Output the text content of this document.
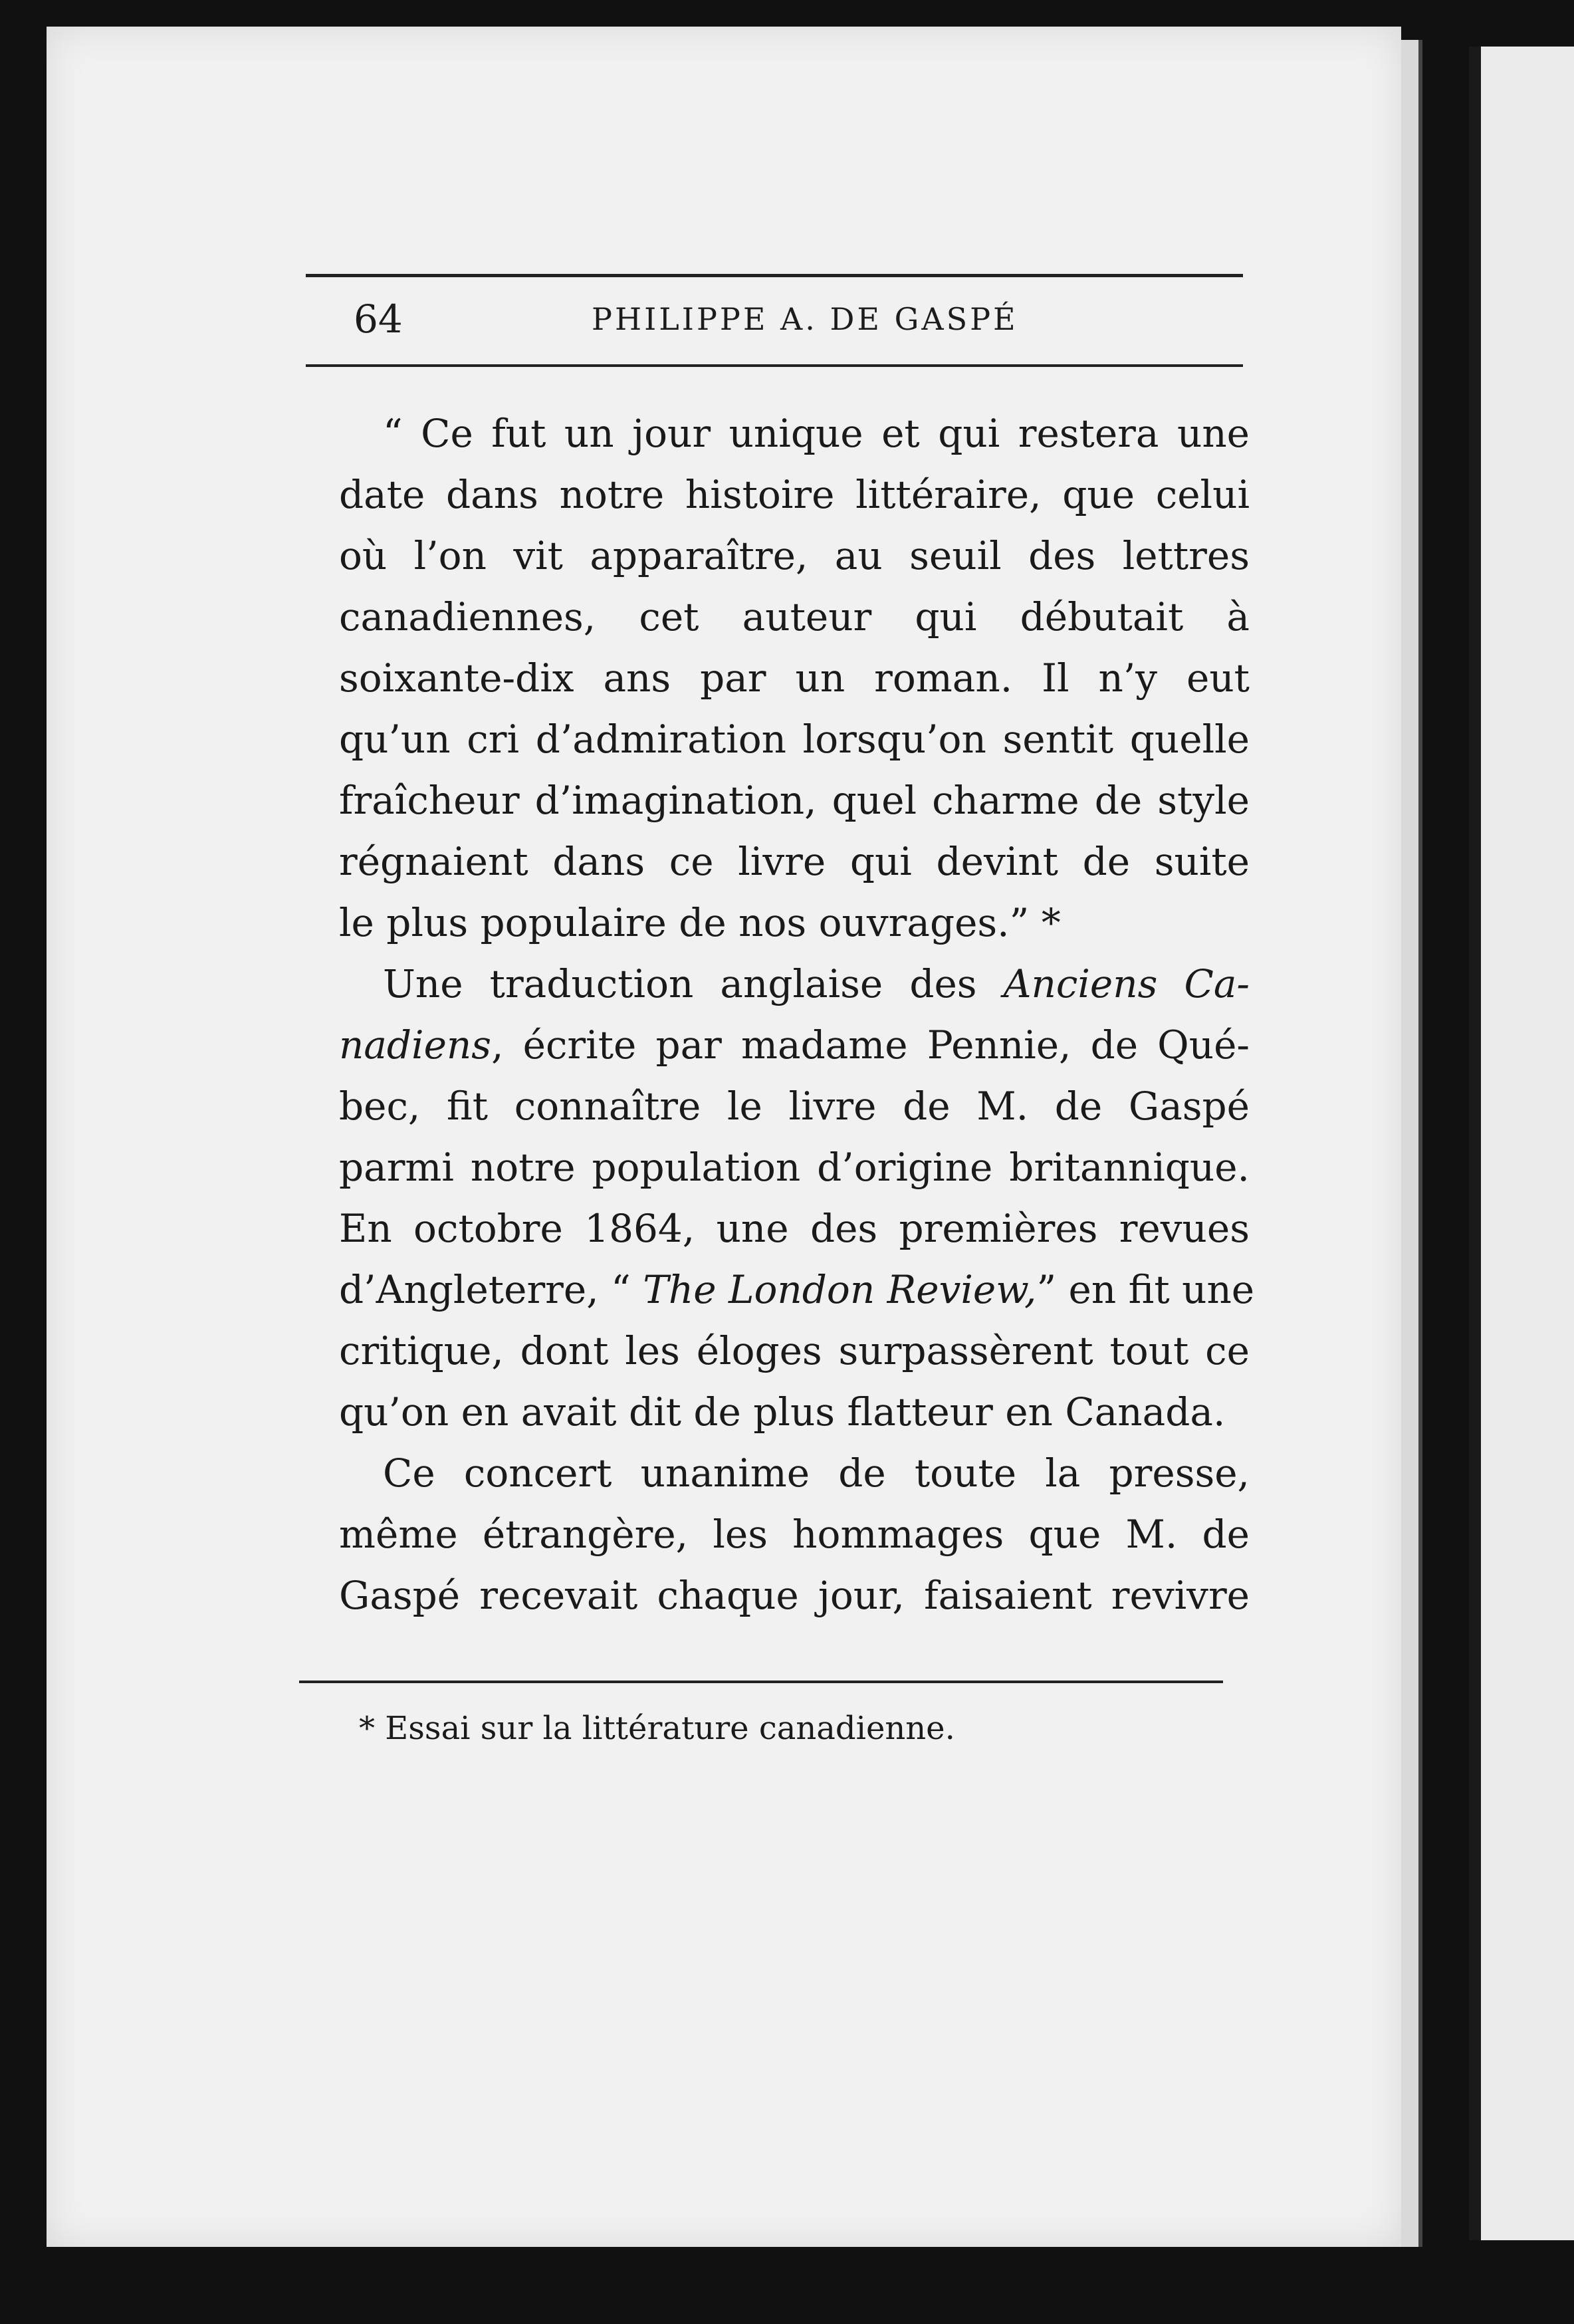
64	PHILIPPE A. DE GASPÉ
“ Ce fut un jour unique et qui restera une
date dans notre histoire littéraire, que celui
où l’on vit apparaître, au seuil des lettres
canadiennes, cet auteur qui débutait à
soixante-dix ans par un roman. Il n’y eut
qu’un cri d’admiration lorsqu’on sentit quelle
fraîcheur d’imagination, quel charme de style
régnaient dans ce livre qui devint de suite
le plus populaire de nos ouvrages.” *
Une traduction anglaise des Anciens Ca-
nadiens, écrite par madame Pennie, de Qué-
bec, fit connaître le livre de M. de Gaspé
parmi notre population d’origine britannique.
En octobre 1864, une des premières revues
d’Angleterre, “ The London Review,” en fit une
critique, dont les éloges surpassèrent tout ce
qu’on en avait dit de plus flatteur en Canada.
Ce concert unanime de toute la presse,
même étrangère, les hommages que M. de
Gaspé recevait chaque jour, faisaient revivre
* Essai sur la littérature canadienne.
